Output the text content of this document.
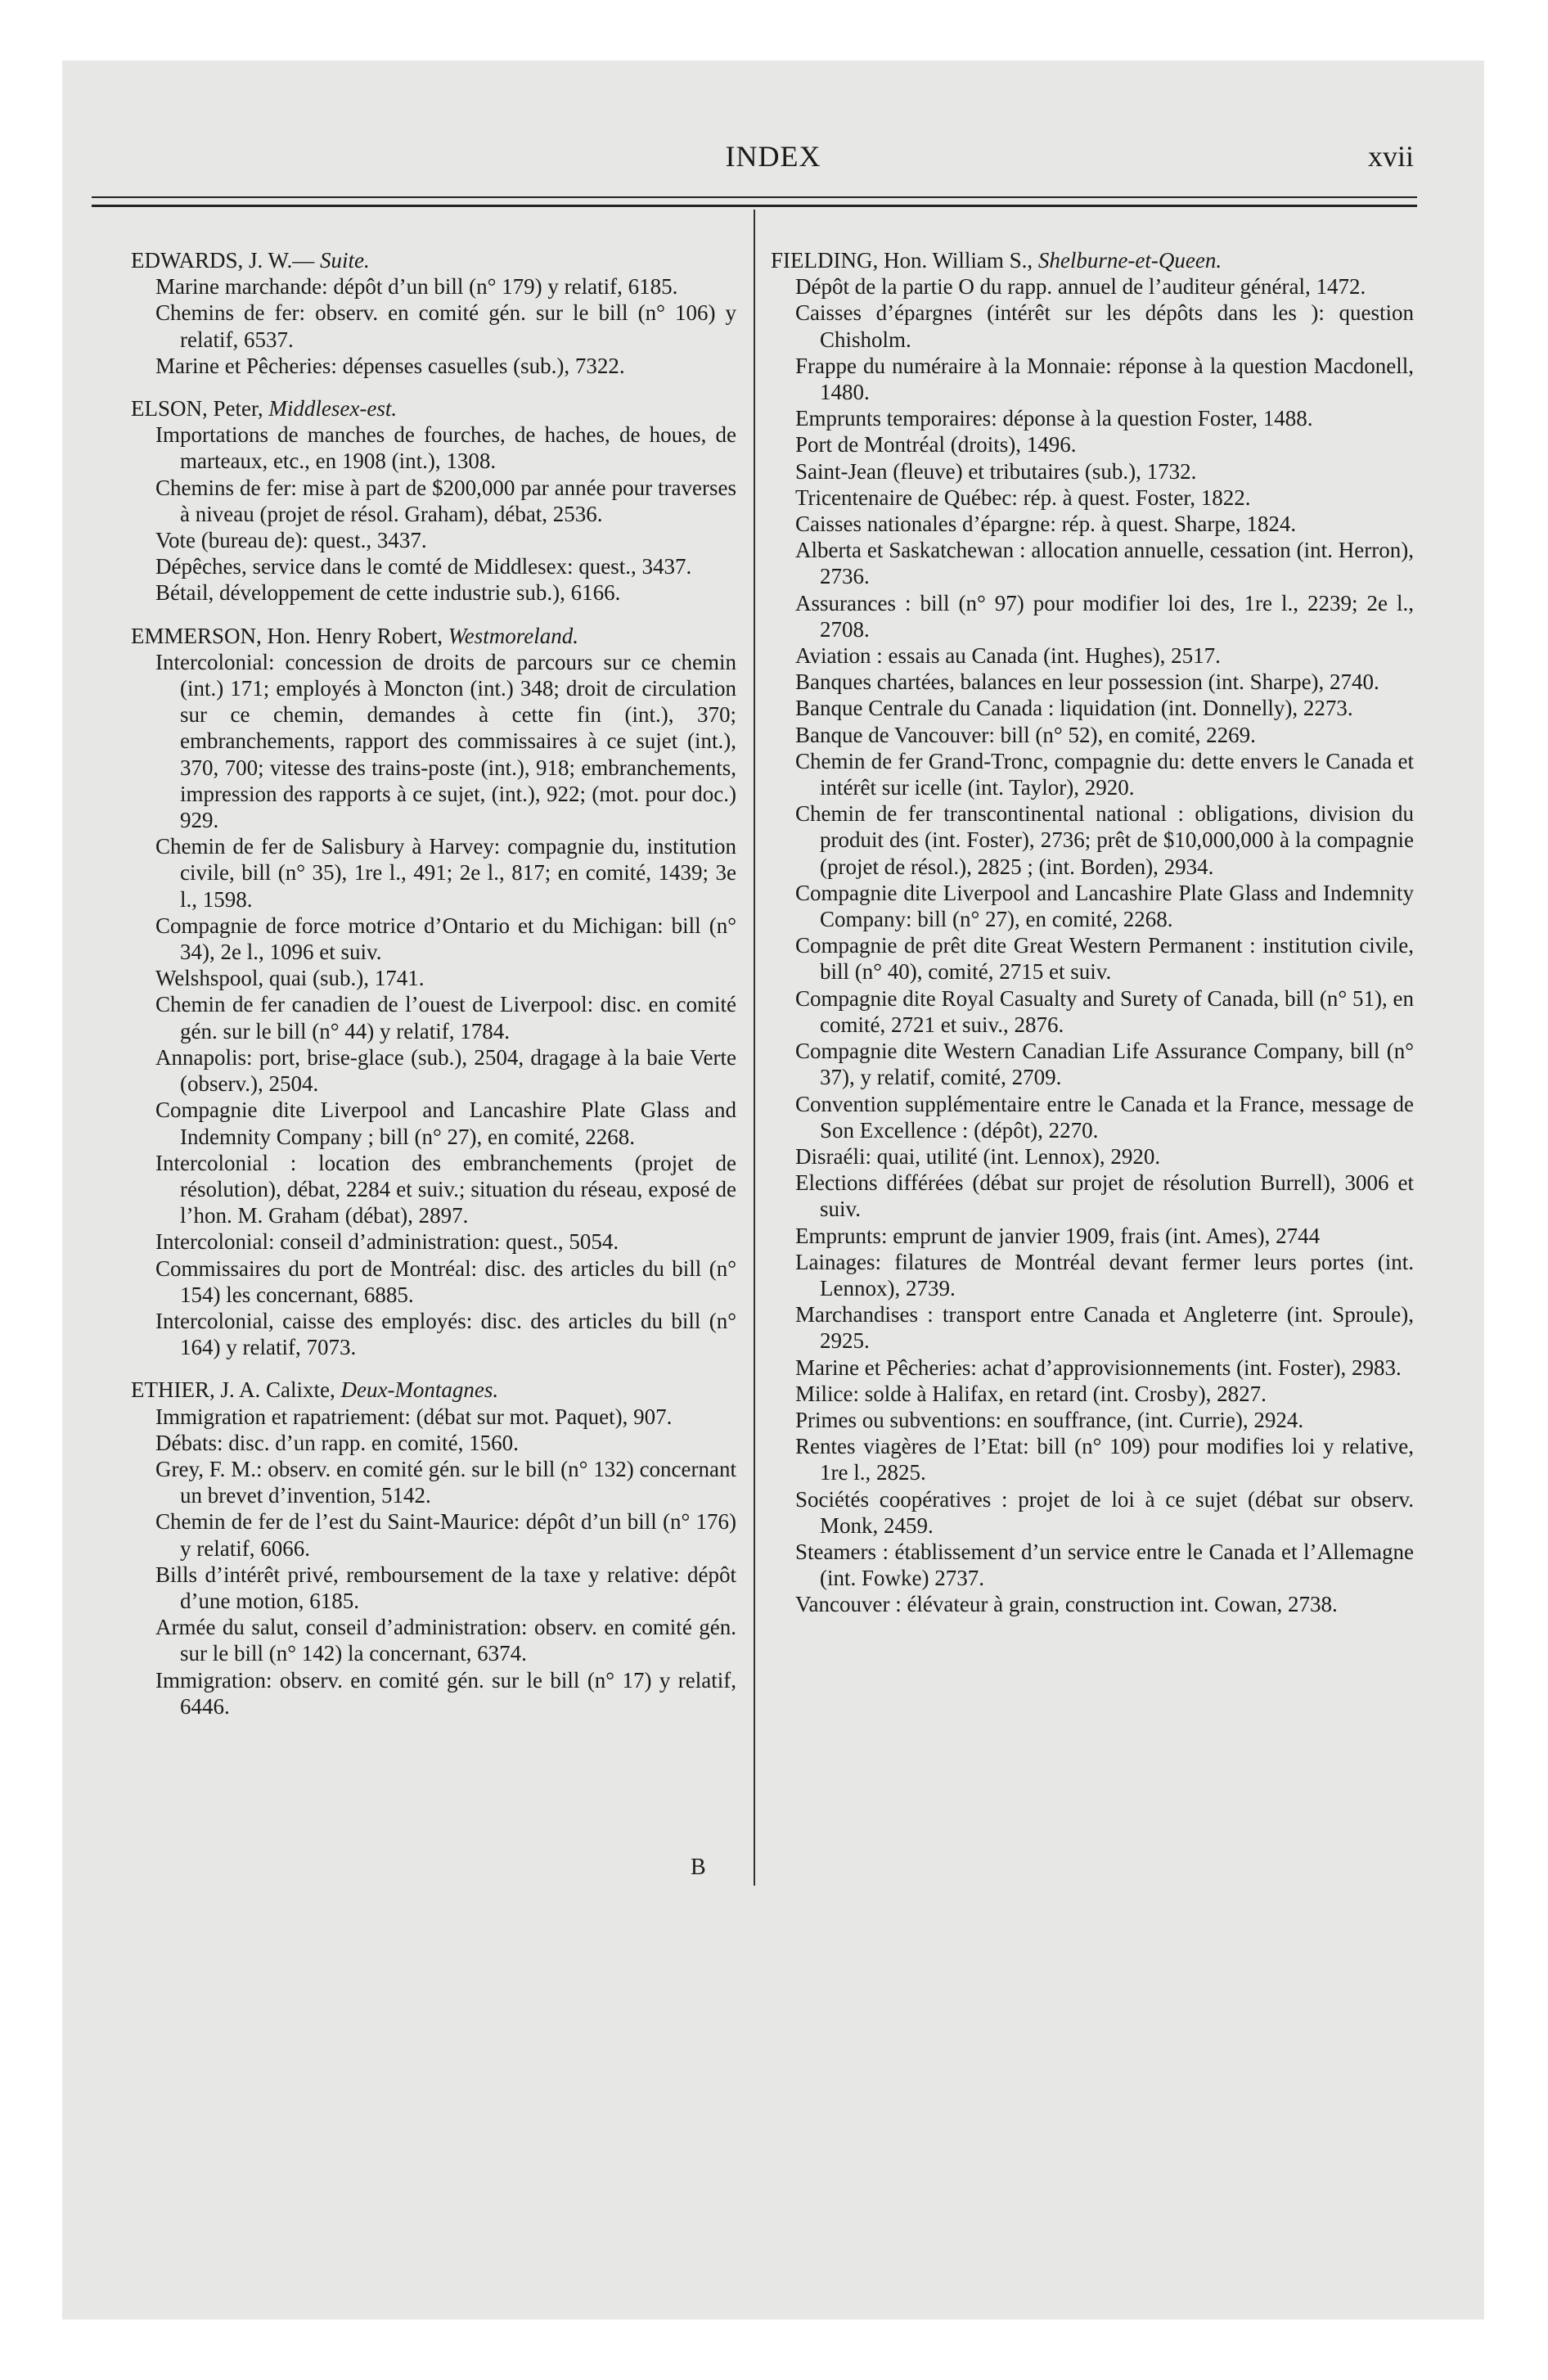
INDEX	xvii
EDWARDS, J. W.— Suite.
Marine marchande: dépôt d’un bill (n° 179) y relatif, 6185.
Chemins de fer: observ. en comité gén. sur le bill (n° 106) y relatif, 6537.
Marine et Pêcheries: dépenses casuelles (sub.), 7322.
ELSON, Peter, Middlesex-est.
Importations de manches de fourches, de haches, de houes, de marteaux, etc., en 1908 (int.), 1308.
Chemins de fer: mise à part de $200,000 par année pour traverses à niveau (projet de résol. Graham), débat, 2536.
Vote (bureau de): quest., 3437.
Dépêches, service dans le comté de Middlesex: quest., 3437.
Bétail, développement de cette industrie sub.), 6166.
EMMERSON, Hon. Henry Robert, Westmoreland.
Intercolonial: concession de droits de parcours sur ce chemin (int.) 171; employés à Moncton (int.) 348; droit de circulation sur ce chemin, demandes à cette fin (int.), 370; embranchements, rapport des commissaires à ce sujet (int.), 370, 700; vitesse des trains-poste (int.), 918; embranchements, impression des rapports à ce sujet, (int.), 922; (mot. pour doc.) 929.
Chemin de fer de Salisbury à Harvey: compagnie du, institution civile, bill (n° 35), 1re l., 491; 2e l., 817; en comité, 1439; 3e l., 1598.
Compagnie de force motrice d’Ontario et du Michigan: bill (n° 34), 2e l., 1096 et suiv.
Welshspool, quai (sub.), 1741.
Chemin de fer canadien de l’ouest de Liverpool: disc. en comité gén. sur le bill (n° 44) y relatif, 1784.
Annapolis: port, brise-glace (sub.), 2504, dragage à la baie Verte (observ.), 2504.
Compagnie dite Liverpool and Lancashire Plate Glass and Indemnity Company ; bill (n° 27), en comité, 2268.
Intercolonial : location des embranchements (projet de résolution), débat, 2284 et suiv.; situation du réseau, exposé de l’hon. M. Graham (débat), 2897.
Intercolonial: conseil d’administration: quest., 5054.
Commissaires du port de Montréal: disc. des articles du bill (n° 154) les concernant, 6885.
Intercolonial, caisse des employés: disc. des articles du bill (n° 164) y relatif, 7073.
ETHIER, J. A. Calixte, Deux-Montagnes.
Immigration et rapatriement: (débat sur mot. Paquet), 907.
Débats: disc. d’un rapp. en comité, 1560.
Grey, F. M.: observ. en comité gén. sur le bill (n° 132) concernant un brevet d’invention, 5142.
Chemin de fer de l’est du Saint-Maurice: dépôt d’un bill (n° 176) y relatif, 6066.
Bills d’intérêt privé, remboursement de la taxe y relative: dépôt d’une motion, 6185.
Armée du salut, conseil d’administration: observ. en comité gén. sur le bill (n° 142) la concernant, 6374.
Immigration: observ. en comité gén. sur le bill (n° 17) y relatif, 6446.
FIELDING, Hon. William S., Shelburne-et-Queen.
Dépôt de la partie O du rapp. annuel de l’auditeur général, 1472.
Caisses d’épargnes (intérêt sur les dépôts dans les ): question Chisholm.
Frappe du numéraire à la Monnaie: réponse à la question Macdonell, 1480.
Emprunts temporaires: déponse à la question Foster, 1488.
Port de Montréal (droits), 1496.
Saint-Jean (fleuve) et tributaires (sub.), 1732.
Tricentenaire de Québec: rép. à quest. Foster, 1822.
Caisses nationales d’épargne: rép. à quest. Sharpe, 1824.
Alberta et Saskatchewan : allocation annuelle, cessation (int. Herron), 2736.
Assurances : bill (n° 97) pour modifier loi des, 1re l., 2239; 2e l., 2708.
Aviation : essais au Canada (int. Hughes), 2517.
Banques chartées, balances en leur possession (int. Sharpe), 2740.
Banque Centrale du Canada : liquidation (int. Donnelly), 2273.
Banque de Vancouver: bill (n° 52), en comité, 2269.
Chemin de fer Grand-Tronc, compagnie du: dette envers le Canada et intérêt sur icelle (int. Taylor), 2920.
Chemin de fer transcontinental national : obligations, division du produit des (int. Foster), 2736; prêt de $10,000,000 à la compagnie (projet de résol.), 2825 ; (int. Borden), 2934.
Compagnie dite Liverpool and Lancashire Plate Glass and Indemnity Company: bill (n° 27), en comité, 2268.
Compagnie de prêt dite Great Western Permanent : institution civile, bill (n° 40), comité, 2715 et suiv.
Compagnie dite Royal Casualty and Surety of Canada, bill (n° 51), en comité, 2721 et suiv., 2876.
Compagnie dite Western Canadian Life Assurance Company, bill (n° 37), y relatif, comité, 2709.
Convention supplémentaire entre le Canada et la France, message de Son Excellence : (dépôt), 2270.
Disraéli: quai, utilité (int. Lennox), 2920.
Elections différées (débat sur projet de résolution Burrell), 3006 et suiv.
Emprunts: emprunt de janvier 1909, frais (int. Ames), 2744
Lainages: filatures de Montréal devant fermer leurs portes (int. Lennox), 2739.
Marchandises : transport entre Canada et Angleterre (int. Sproule), 2925.
Marine et Pêcheries: achat d’approvisionnements (int. Foster), 2983.
Milice: solde à Halifax, en retard (int. Crosby), 2827.
Primes ou subventions: en souffrance, (int. Currie), 2924.
Rentes viagères de l’Etat: bill (n° 109) pour modifies loi y relative, 1re l., 2825.
Sociétés coopératives : projet de loi à ce sujet (débat sur observ. Monk, 2459.
Steamers : établissement d’un service entre le Canada et l’Allemagne (int. Fowke) 2737.
Vancouver : élévateur à grain, construction int. Cowan, 2738.
B
